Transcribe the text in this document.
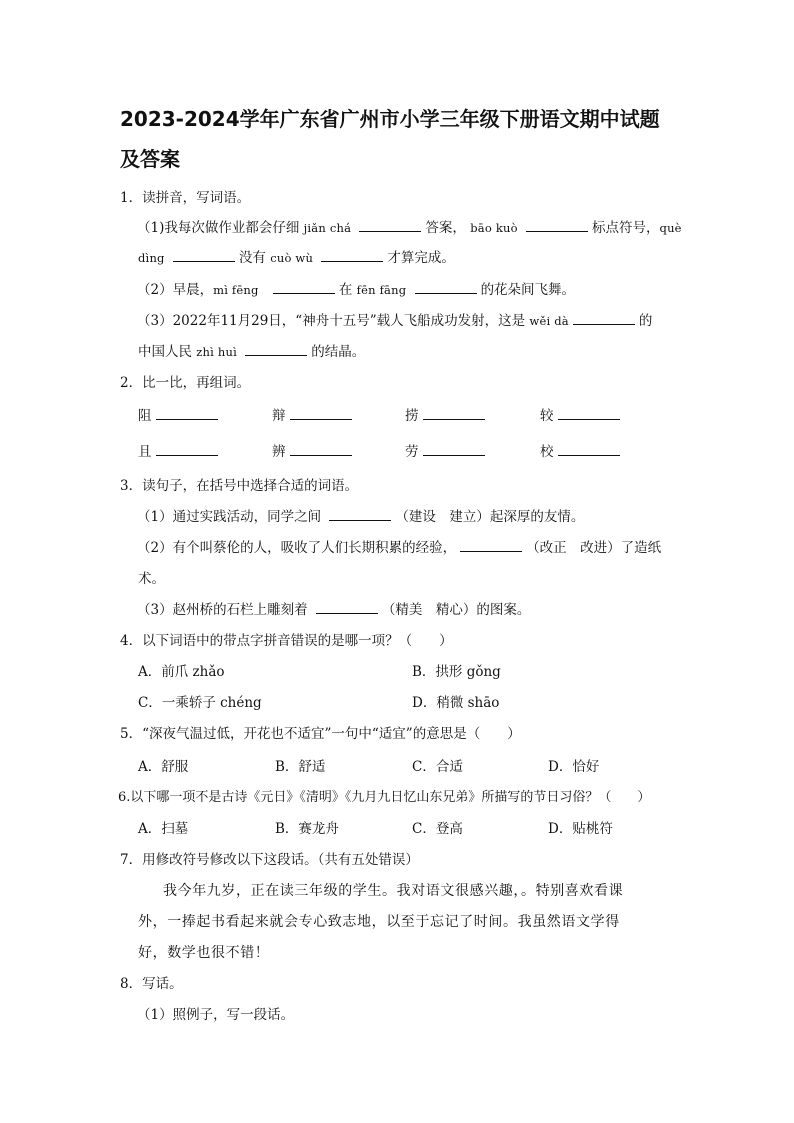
2023-2024学年广东省广州市小学三年级下册语文期中试题
及答案
1．读拼音，写词语。
（1)我每次做作业都会仔细 jiǎn chá	答案， bāo kuò	标点符号，què
dìng	没有 cuò wù	才算完成。
（2）早晨，mì fēng	在 fēn fāng	的花朵间飞舞。
（3）2022年11月29日，“神舟十五号”载人飞船成功发射，这是 wěi dà	的
中国人民 zhì huì	的结晶。
2．比一比，再组词。
阻	辩	捞	较
且	辨	劳	校
3．读句子，在括号中选择合适的词语。
（1）通过实践活动，同学之间	（建设　建立）起深厚的友情。
（2）有个叫蔡伦的人，吸收了人们长期积累的经验，	（改正　改进）了造纸
术。
（3）赵州桥的石栏上雕刻着	（精美　精心）的图案。
4．以下词语中的带点字拼音错误的是哪一项？（　　）
A．前爪 zhǎo	B．拱形 gǒng
C．一乘轿子 chéng	D．稍微 shāo
5．“深夜气温过低，开花也不适宜”一句中“适宜”的意思是（　　）
A．舒服	B．舒适	C．合适	D．恰好
6.以下哪一项不是古诗《元日》《清明》《九月九日忆山东兄弟》所描写的节日习俗？（　　）
A．扫墓	B．赛龙舟	C．登高	D．贴桃符
7．用修改符号修改以下这段话。（共有五处错误）
我今年九岁，正在读三年级的学生。我对语文很感兴趣，。特别喜欢看课
外，一捧起书看起来就会专心致志地，以至于忘记了时间。我虽然语文学得
好，数学也很不错！
8．写话。
（1）照例子，写一段话。
